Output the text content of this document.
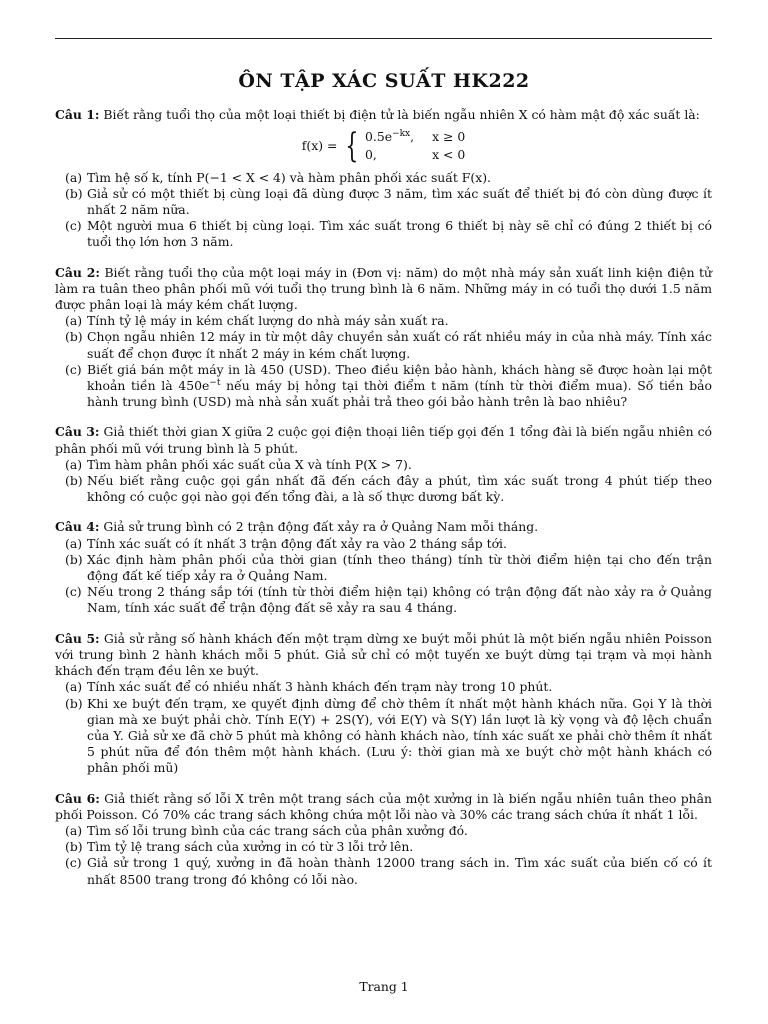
ÔN TẬP XÁC SUẤT HK222

Câu 1: Biết rằng tuổi thọ của một loại thiết bị điện tử là biến ngẫu nhiên X có hàm mật độ xác suất là:

f(x) = { $0.5e^{-kx}$, x ≥ 0
0,	x < 0
(a) Tìm hệ số k, tính P(−1 < X < 4) và hàm phân phối xác suất F(x).
(b) Giả sử có một thiết bị cùng loại đã dùng được 3 năm, tìm xác suất để thiết bị đó còn dùng được ít nhất 2 năm nữa.
(c) Một người mua 6 thiết bị cùng loại. Tìm xác suất trong 6 thiết bị này sẽ chỉ có đúng 2 thiết bị có tuổi thọ lớn hơn 3 năm.

Câu 2: Biết rằng tuổi thọ của một loại máy in (Đơn vị: năm) do một nhà máy sản xuất linh kiện điện tử làm ra tuân theo phân phối mũ với tuổi thọ trung bình là 6 năm. Những máy in có tuổi thọ dưới 1.5 năm được phân loại là máy kém chất lượng.

(a) Tính tỷ lệ máy in kém chất lượng do nhà máy sản xuất ra.
(b) Chọn ngẫu nhiên 12 máy in từ một dây chuyền sản xuất có rất nhiều máy in của nhà máy. Tính xác suất để chọn được ít nhất 2 máy in kém chất lượng.
(c) Biết giá bán một máy in là 450 (USD). Theo điều kiện bảo hành, khách hàng sẽ được hoàn lại một khoản tiền là $450e^{-t}$ nếu máy bị hỏng tại thời điểm t năm (tính từ thời điểm mua). Số tiền bảo hành trung bình (USD) mà nhà sản xuất phải trả theo gói bảo hành trên là bao nhiêu?

Câu 3: Giả thiết thời gian X giữa 2 cuộc gọi điện thoại liên tiếp gọi đến 1 tổng đài là biến ngẫu nhiên có phân phối mũ với trung bình là 5 phút.

(a) Tìm hàm phân phối xác suất của X và tính P(X > 7).
(b) Nếu biết rằng cuộc gọi gần nhất đã đến cách đây a phút, tìm xác suất trong 4 phút tiếp theo không có cuộc gọi nào gọi đến tổng đài, a là số thực dương bất kỳ.

Câu 4: Giả sử trung bình có 2 trận động đất xảy ra ở Quảng Nam mỗi tháng.

(a) Tính xác suất có ít nhất 3 trận động đất xảy ra vào 2 tháng sắp tới.
(b) Xác định hàm phân phối của thời gian (tính theo tháng) tính từ thời điểm hiện tại cho đến trận động đất kế tiếp xảy ra ở Quảng Nam.
(c) Nếu trong 2 tháng sắp tới (tính từ thời điểm hiện tại) không có trận động đất nào xảy ra ở Quảng Nam, tính xác suất để trận động đất sẽ xảy ra sau 4 tháng.

Câu 5: Giả sử rằng số hành khách đến một trạm dừng xe buýt mỗi phút là một biến ngẫu nhiên Poisson với trung bình 2 hành khách mỗi 5 phút. Giả sử chỉ có một tuyến xe buýt dừng tại trạm và mọi hành khách đến trạm đều lên xe buýt.

(a) Tính xác suất để có nhiều nhất 3 hành khách đến trạm này trong 10 phút.
(b) Khi xe buýt đến trạm, xe quyết định dừng để chờ thêm ít nhất một hành khách nữa. Gọi Y là thời gian mà xe buýt phải chờ. Tính E(Y) + 2S(Y), với E(Y) và S(Y) lần lượt là kỳ vọng và độ lệch chuẩn của Y. Giả sử xe đã chờ 5 phút mà không có hành khách nào, tính xác suất xe phải chờ thêm ít nhất 5 phút nữa để đón thêm một hành khách. (Lưu ý: thời gian mà xe buýt chờ một hành khách có phân phối mũ)

Câu 6: Giả thiết rằng số lỗi X trên một trang sách của một xưởng in là biến ngẫu nhiên tuân theo phân phối Poisson. Có 70% các trang sách không chứa một lỗi nào và 30% các trang sách chứa ít nhất 1 lỗi.

(a) Tìm số lỗi trung bình của các trang sách của phân xưởng đó.
(b) Tìm tỷ lệ trang sách của xưởng in có từ 3 lỗi trở lên.
(c) Giả sử trong 1 quý, xưởng in đã hoàn thành 12000 trang sách in. Tìm xác suất của biến cố có ít nhất 8500 trang trong đó không có lỗi nào.
Trang 1
